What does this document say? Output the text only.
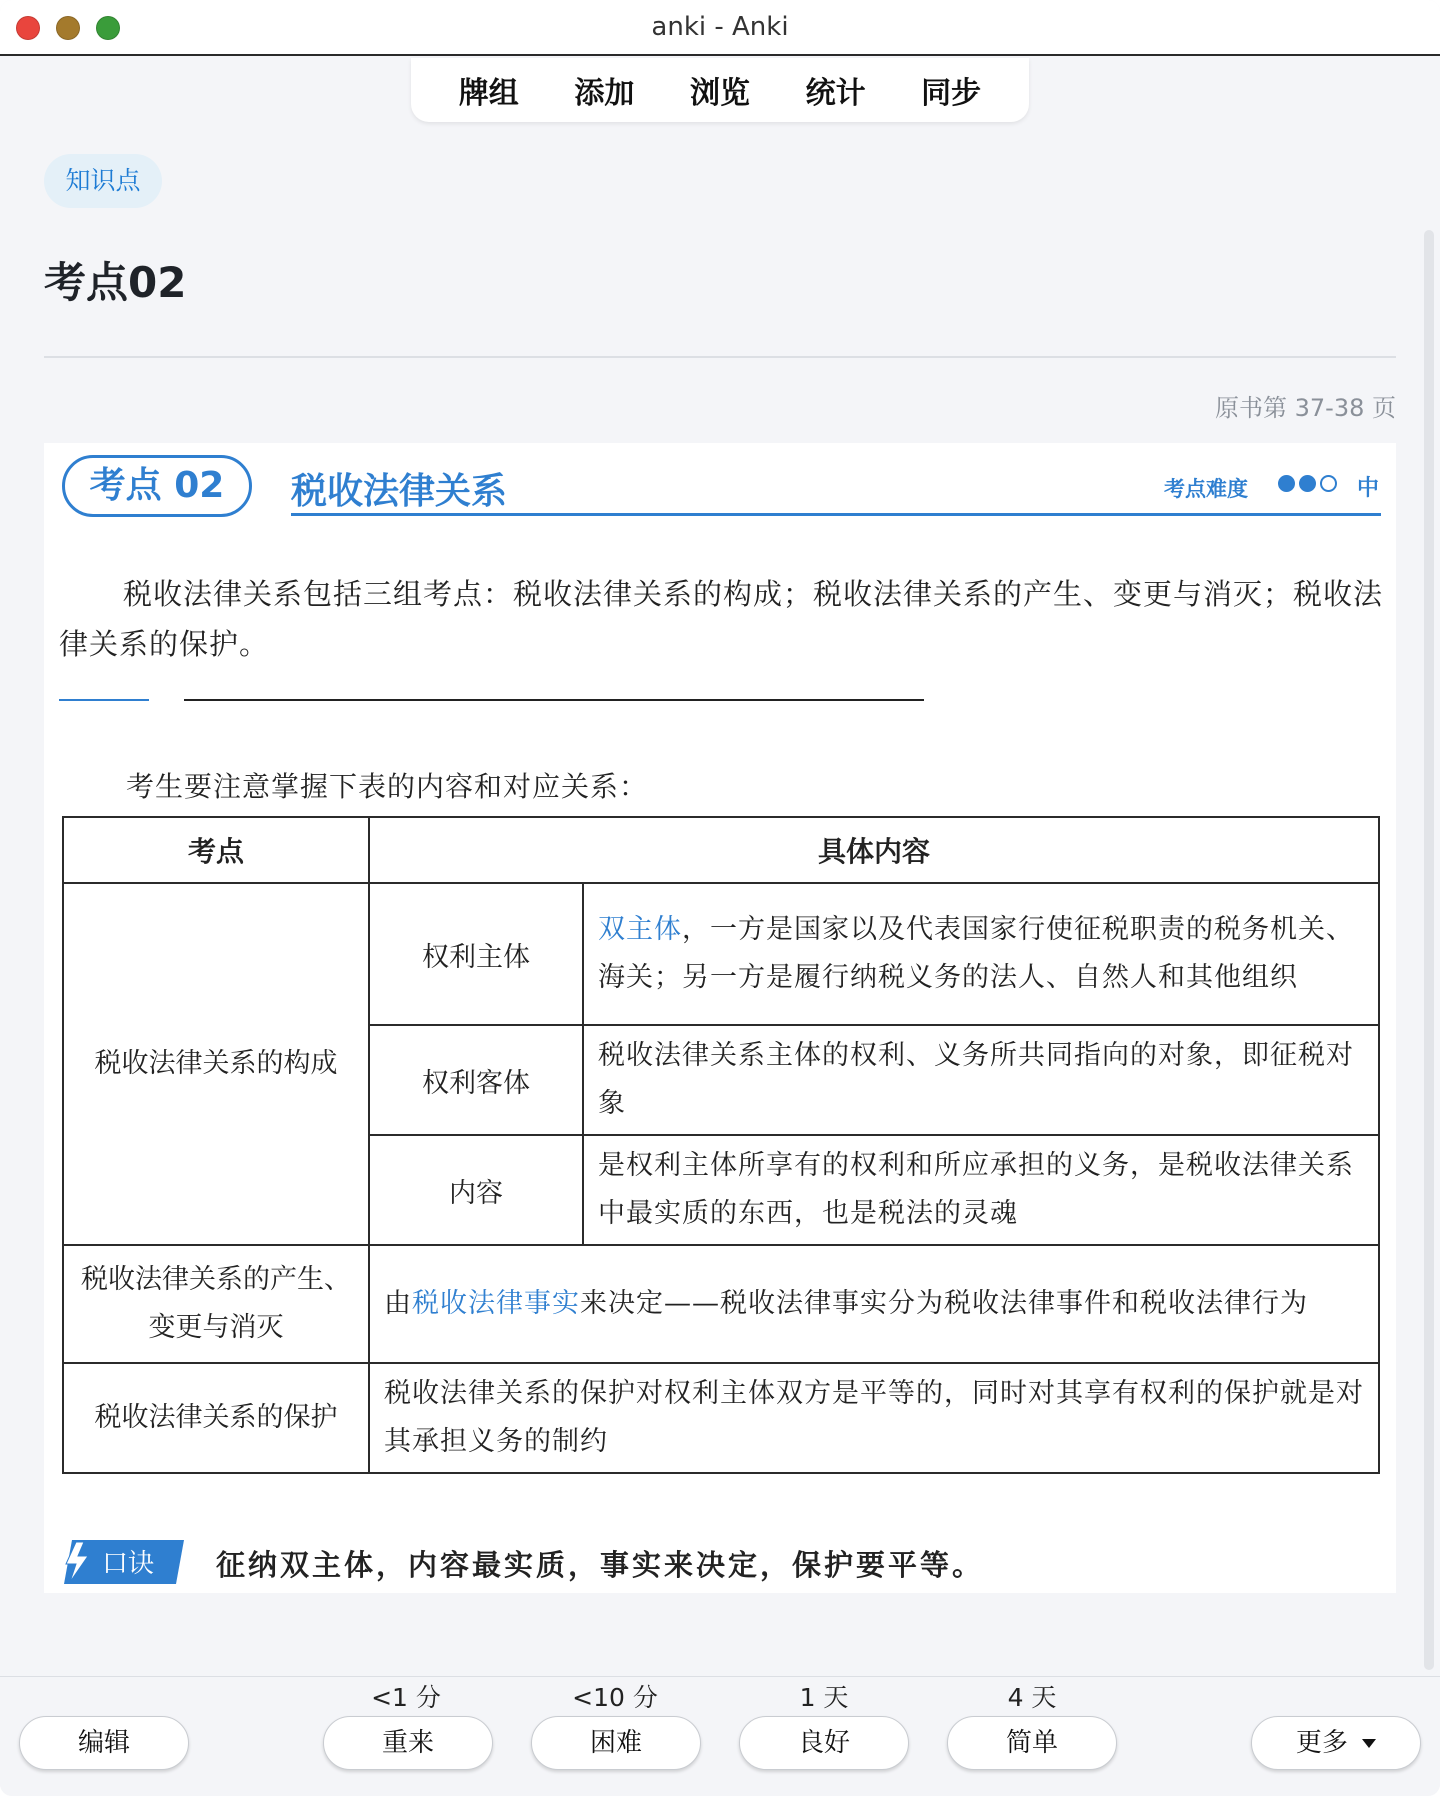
anki - Anki
牌组 添加 浏览 统计 同步
知识点
考点02
原书第 37-38 页
考点 02	税收法律关系	考点难度	中
税收法律关系包括三组考点：税收法律关系的构成；税收法律关系的产生、变更与消灭；税收法律关系的保护。
考生要注意掌握下表的内容和对应关系：
考点	具体内容	
税收法律关系的构成	权利主体	双主体，一方是国家以及代表国家行使征税职责的税务机关、海关；另一方是履行纳税义务的法人、自然人和其他组织
	权利客体	税收法律关系主体的权利、义务所共同指向的对象，即征税对象
	内容	是权利主体所享有的权利和所应承担的义务，是税收法律关系中最实质的东西，也是税法的灵魂
税收法律关系的产生、变更与消灭	由税收法律事实来决定——税收法律事实分为税收法律事件和税收法律行为	
税收法律关系的保护	税收法律关系的保护对权利主体双方是平等的，同时对其享有权利的保护就是对其承担义务的制约	
口诀 征纳双主体，内容最实质，事实来决定，保护要平等。
<1 分	<10 分	1 天	4 天
编辑	重来	困难	良好	简单	更多
